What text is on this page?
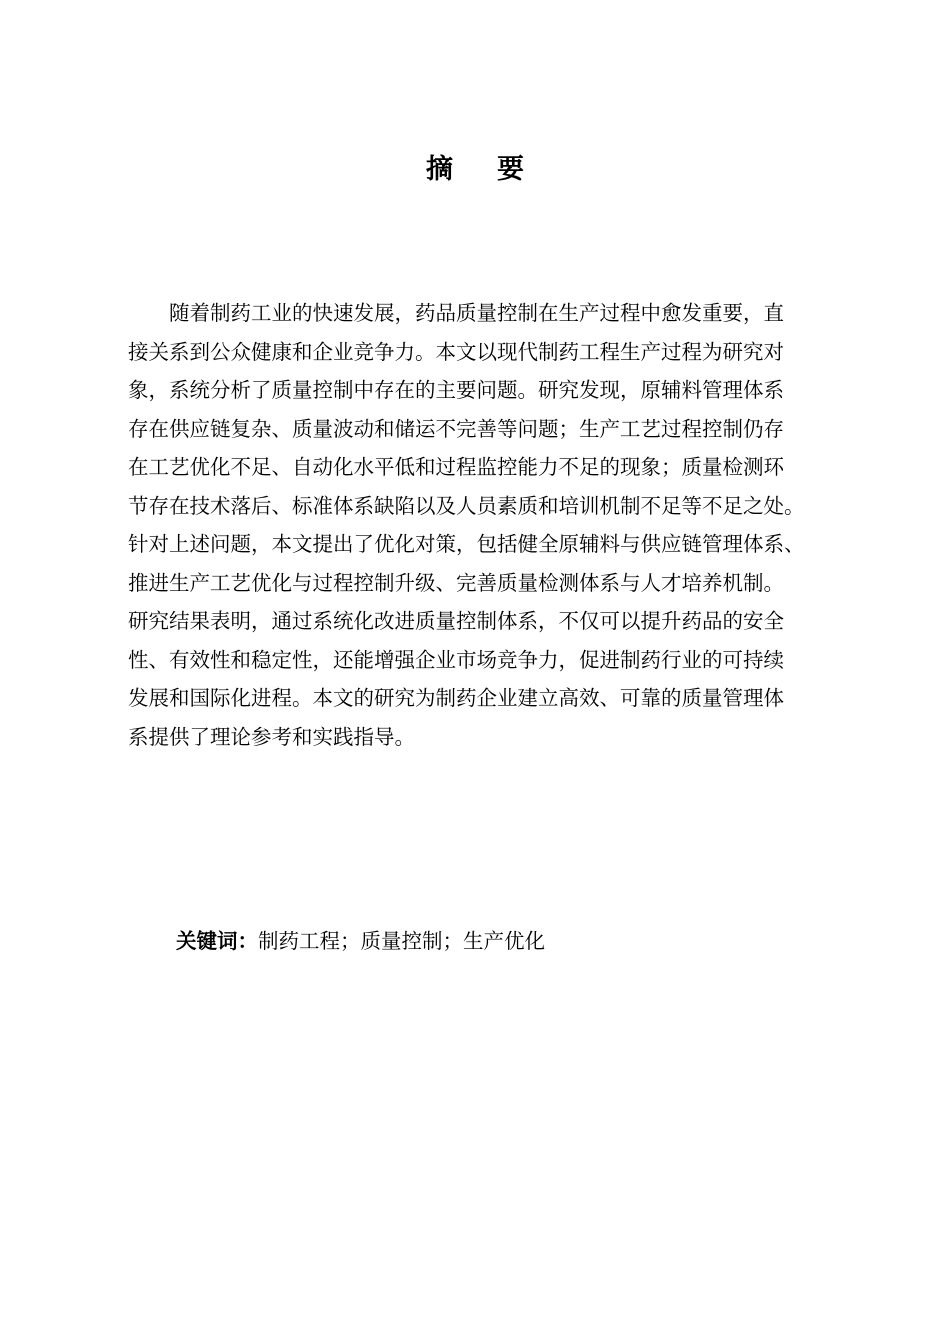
摘 要
随着制药工业的快速发展，药品质量控制在生产过程中愈发重要，直
接关系到公众健康和企业竞争力。本文以现代制药工程生产过程为研究对
象，系统分析了质量控制中存在的主要问题。研究发现，原辅料管理体系
存在供应链复杂、质量波动和储运不完善等问题；生产工艺过程控制仍存
在工艺优化不足、自动化水平低和过程监控能力不足的现象；质量检测环
节存在技术落后、标准体系缺陷以及人员素质和培训机制不足等不足之处。
针对上述问题，本文提出了优化对策，包括健全原辅料与供应链管理体系、
推进生产工艺优化与过程控制升级、完善质量检测体系与人才培养机制。
研究结果表明，通过系统化改进质量控制体系，不仅可以提升药品的安全
性、有效性和稳定性，还能增强企业市场竞争力，促进制药行业的可持续
发展和国际化进程。本文的研究为制药企业建立高效、可靠的质量管理体
系提供了理论参考和实践指导。
关键词：制药工程；质量控制；生产优化
